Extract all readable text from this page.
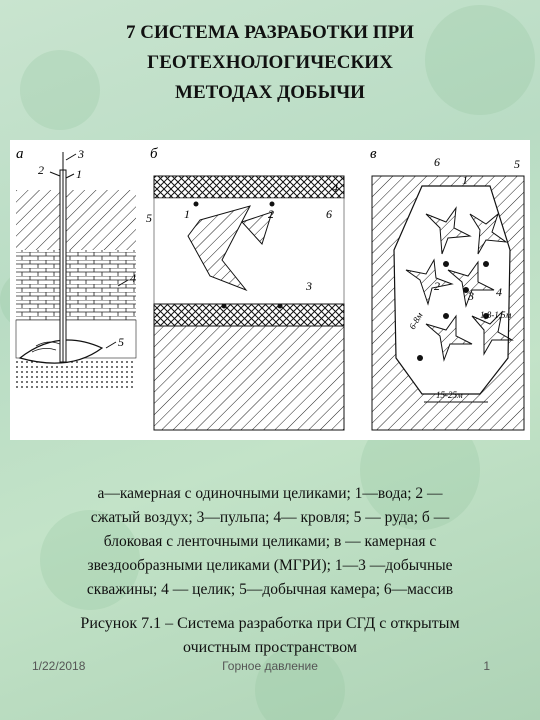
7 СИСТЕМА РАЗРАБОТКИ ПРИ
ГЕОТЕХНОЛОГИЧЕСКИХ
МЕТОДАХ ДОБЫЧИ
а
2
3
1
4
5
б
4
5	1	6
2
3
в	6
1
5
2
3 4
6-8м	1,8-1,5м
15-25м
а—камерная с одиночными целиками; 1—вода; 2 —
сжатый воздух; 3—пульпа; 4— кровля; 5 — руда; б —
блоковая с ленточными целиками; в — камерная с
звездообразными целиками (МГРИ); 1—3 —добычные
скважины; 4 — целик; 5—добычная камера; 6—массив
Рисунок 7.1 – Система разработка при СГД с открытым
очистным пространством
1/22/2018	Горное давление	1
